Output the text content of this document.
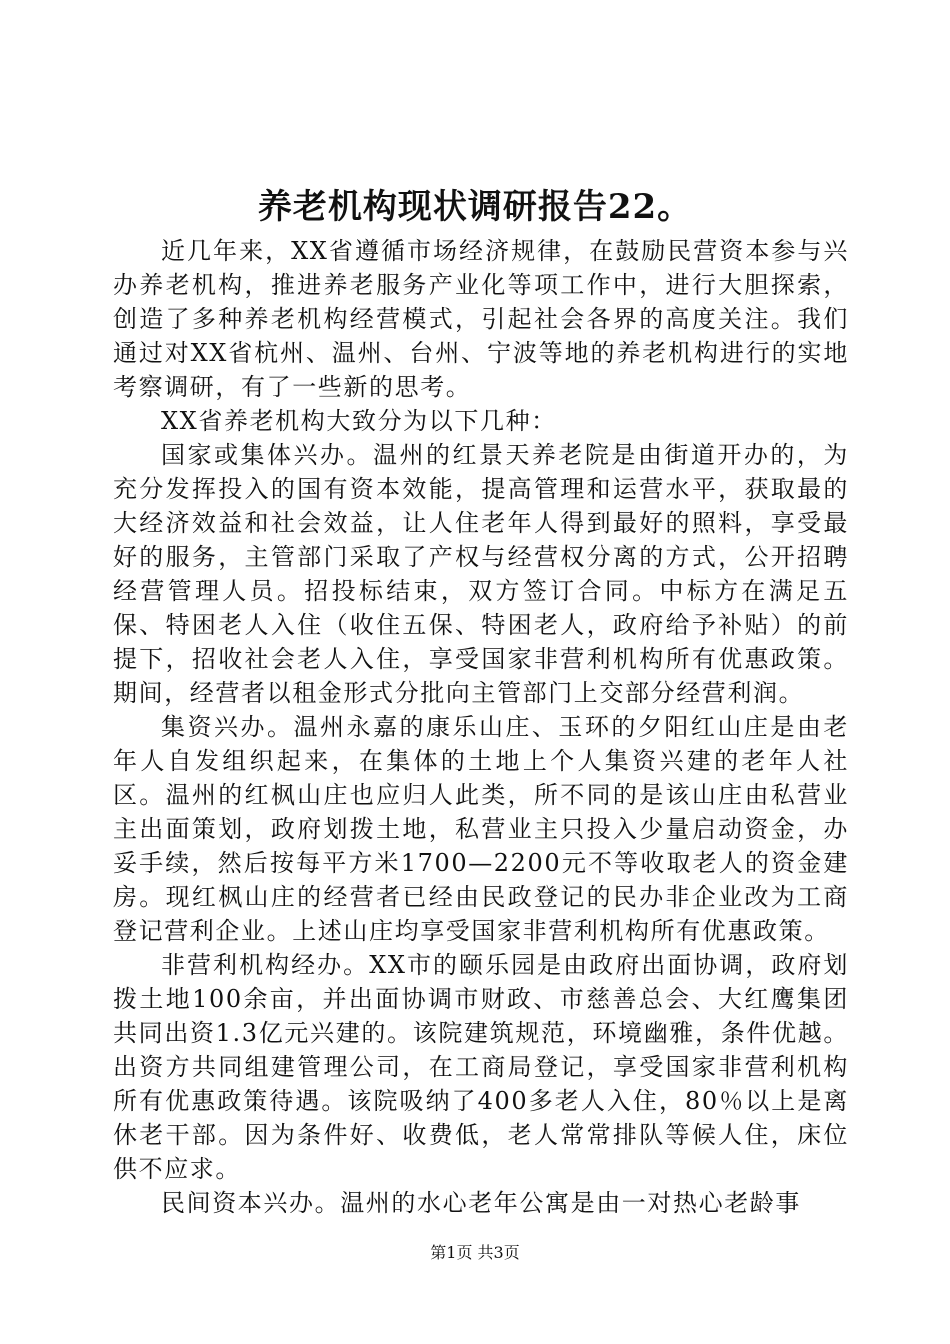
养老机构现状调研报告22。

近几年来，XX省遵循市场经济规律，在鼓励民营资本参与兴办养老机构，推进养老服务产业化等项工作中，进行大胆探索，创造了多种养老机构经营模式，引起社会各界的高度关注。我们通过对XX省杭州、温州、台州、宁波等地的养老机构进行的实地考察调研，有了一些新的思考。

XX省养老机构大致分为以下几种：

国家或集体兴办。温州的红景天养老院是由街道开办的，为充分发挥投入的国有资本效能，提高管理和运营水平，获取最的大经济效益和社会效益，让人住老年人得到最好的照料，享受最好的服务，主管部门采取了产权与经营权分离的方式，公开招聘经营管理人员。招投标结束，双方签订合同。中标方在满足五保、特困老人入住（收住五保、特困老人，政府给予补贴）的前提下，招收社会老人入住，享受国家非营利机构所有优惠政策。期间，经营者以租金形式分批向主管部门上交部分经营利润。

集资兴办。温州永嘉的康乐山庄、玉环的夕阳红山庄是由老年人自发组织起来，在集体的土地上个人集资兴建的老年人社区。温州的红枫山庄也应归人此类，所不同的是该山庄由私营业主出面策划，政府划拨土地，私营业主只投入少量启动资金，办妥手续，然后按每平方米1700—2200元不等收取老人的资金建房。现红枫山庄的经营者已经由民政登记的民办非企业改为工商登记营利企业。上述山庄均享受国家非营利机构所有优惠政策。

非营利机构经办。XX市的颐乐园是由政府出面协调，政府划拨土地100余亩，并出面协调市财政、市慈善总会、大红鹰集团共同出资1.3亿元兴建的。该院建筑规范，环境幽雅，条件优越。出资方共同组建管理公司，在工商局登记，享受国家非营利机构所有优惠政策待遇。该院吸纳了400多老人入住，80％以上是离休老干部。因为条件好、收费低，老人常常排队等候人住，床位供不应求。

民间资本兴办。温州的水心老年公寓是由一对热心老龄事

第1页 共3页
